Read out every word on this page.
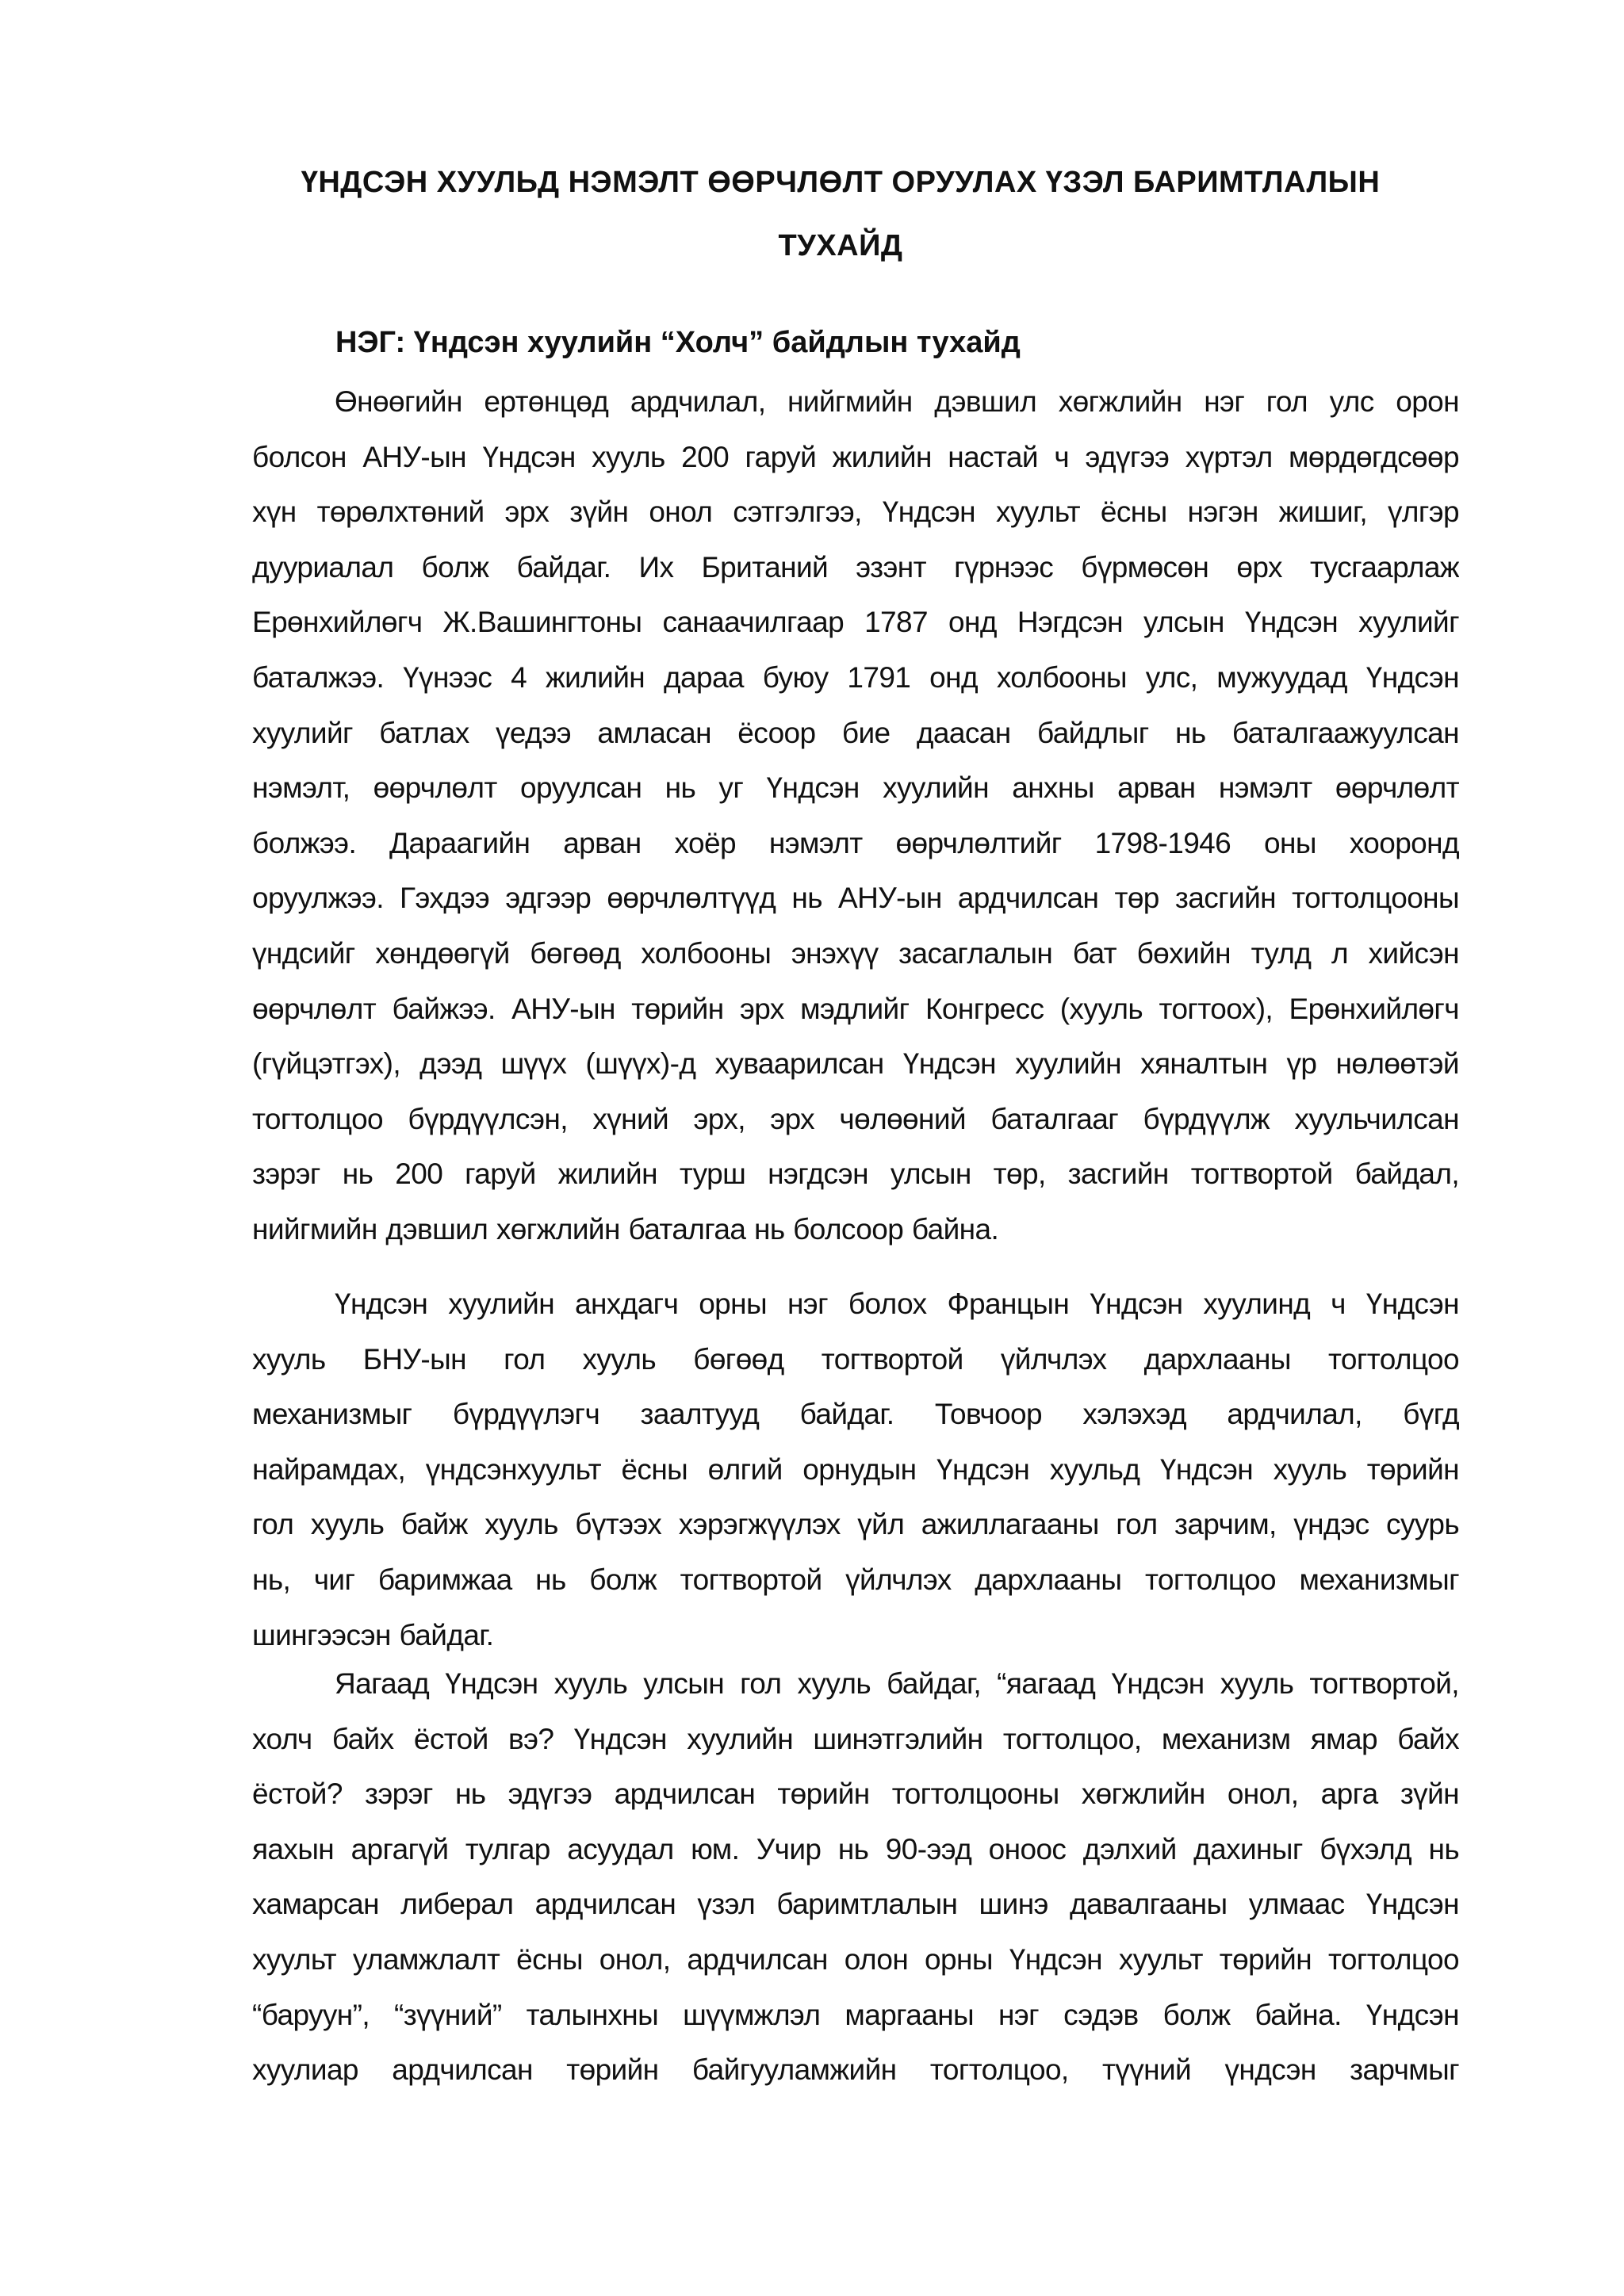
ҮНДСЭН ХУУЛЬД НЭМЭЛТ ӨӨРЧЛӨЛТ ОРУУЛАХ ҮЗЭЛ БАРИМТЛАЛЫН
ТУХАЙД
НЭГ: Үндсэн хуулийн “Холч” байдлын тухайд
Өнөөгийн ертөнцөд ардчилал, нийгмийн дэвшил хөгжлийн нэг гол улс орон
болсон АНУ-ын Үндсэн хууль 200 гаруй жилийн настай ч эдүгээ хүртэл мөрдөгдсөөр
хүн төрөлхтөний эрх зүйн онол сэтгэлгээ, Үндсэн хуульт ёсны нэгэн жишиг, үлгэр
дууриалал болж байдаг. Их Британий эзэнт гүрнээс бүрмөсөн өрх тусгаарлаж
Ерөнхийлөгч Ж.Вашингтоны санаачилгаар 1787 онд Нэгдсэн улсын Үндсэн хуулийг
баталжээ. Үүнээс 4 жилийн дараа буюу 1791 онд холбооны улс, мужуудад Үндсэн
хуулийг батлах үедээ амласан ёсоор бие даасан байдлыг нь баталгаажуулсан
нэмэлт, өөрчлөлт оруулсан нь уг Үндсэн хуулийн анхны арван нэмэлт өөрчлөлт
болжээ. Дараагийн арван хоёр нэмэлт өөрчлөлтийг 1798-1946 оны хооронд
оруулжээ. Гэхдээ эдгээр өөрчлөлтүүд нь АНУ-ын ардчилсан төр засгийн тогтолцооны
үндсийг хөндөөгүй бөгөөд холбооны энэхүү засаглалын бат бөхийн тулд л хийсэн
өөрчлөлт байжээ. АНУ-ын төрийн эрх мэдлийг Конгресс (хууль тогтоох), Ерөнхийлөгч
(гүйцэтгэх), дээд шүүх (шүүх)-д хуваарилсан Үндсэн хуулийн хяналтын үр нөлөөтэй
тогтолцоо бүрдүүлсэн, хүний эрх, эрх чөлөөний баталгааг бүрдүүлж хуульчилсан
зэрэг нь 200 гаруй жилийн турш нэгдсэн улсын төр, засгийн тогтвортой байдал,
нийгмийн дэвшил хөгжлийн баталгаа нь болсоор байна.
Үндсэн хуулийн анхдагч орны нэг болох Францын Үндсэн хуулинд ч Үндсэн
хууль БНУ-ын гол хууль бөгөөд тогтвортой үйлчлэх дархлааны тогтолцоо
механизмыг бүрдүүлэгч заалтууд байдаг. Товчоор хэлэхэд ардчилал, бүгд
найрамдах, үндсэнхуульт ёсны өлгий орнудын Үндсэн хуульд Үндсэн хууль төрийн
гол хууль байж хууль бүтээх хэрэгжүүлэх үйл ажиллагааны гол зарчим, үндэс суурь
нь, чиг баримжаа нь болж тогтвортой үйлчлэх дархлааны тогтолцоо механизмыг
шингээсэн байдаг.
Яагаад Үндсэн хууль улсын гол хууль байдаг, “яагаад Үндсэн хууль тогтвортой,
холч байх ёстой вэ? Үндсэн хуулийн шинэтгэлийн тогтолцоо, механизм ямар байх
ёстой? зэрэг нь эдүгээ ардчилсан төрийн тогтолцооны хөгжлийн онол, арга зүйн
яахын аргагүй тулгар асуудал юм. Учир нь 90-ээд оноос дэлхий дахиныг бүхэлд нь
хамарсан либерал ардчилсан үзэл баримтлалын шинэ давалгааны улмаас Үндсэн
хуульт уламжлалт ёсны онол, ардчилсан олон орны Үндсэн хуульт төрийн тогтолцоо
“баруун”, “зүүний” талынхны шүүмжлэл маргааны нэг сэдэв болж байна. Үндсэн
хуулиар ардчилсан төрийн байгууламжийн тогтолцоо, түүний үндсэн зарчмыг
